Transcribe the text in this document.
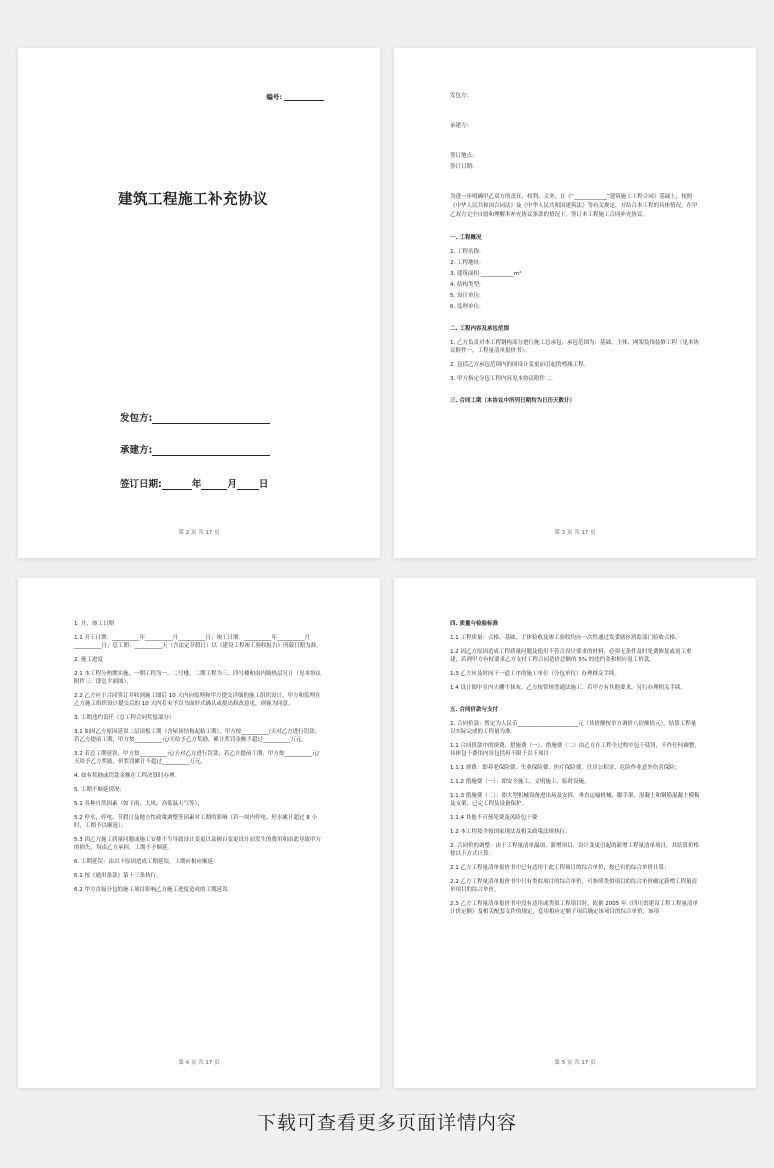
编号:
建筑工程施工补充协议
发包方:
承建方:
签订日期:	年	月 日
第 2 页 共 17 页

发包方:

承建方:

签订地点:

签订日期:

为进一步明确甲乙双方的责任、权利、义务，在《“____________”建筑施工工程合同》基础上，按照《中华人民共和国合同法》及《中华人民共和国建筑法》等有关规定，并结合本工程的具体情况，在甲乙双方完全自愿和理解本补充协议条款的情况下，签订本工程施工合同补充协议。

一. 工程概况

1. 工程名称:

2. 工程地址:

3. 建筑面积:____________m²

4. 结构类型:

5. 设计单位:

6. 监理单位:

二. 工程内容及承包范围

1. 乙方负责对本工程钢构部分进行施工总承包，承包范围为：基础、主体、网架装饰装修工程（见本协议附件一，工程量清单报价书）。

2. 包括乙方承包范围内的国设计变更而引起的增减工程。

3. 甲方指定分包工程内容见本协议附件二。

三. 合同工期（本协议中所列日期均为日历天数计）

第 3 页 共 17 页

1. 开、竣工日期

1.1 开工日期：__________年__________月__________日；竣工日期：__________年__________月__________日；总工期：__________天（含法定节假日）以《建设工程竣工验收报告》所载日期为准。

2. 施工进度

2.1 本工程分两期实施，一期工程为一、二号楼，二期工程为三、四号楼和南内隔热层另计（见本协议附件三：即总平面图）。

2.2 乙方应于合同签订并收到施工图后 10 天内向监理和甲方提交详细的施工组织设计，甲方和监理在乙方施工组织设计提交后的 10 天内若未予以书面形式确认或提出修改意见，则视为同意。

3. 工期违约责任（总工程合同奖惩部分）

3.1 如因乙方原因延误二层顶板工期（含屋顶结构起始工期），甲方按__________/天对乙方进行罚款；若乙方提前工期，甲方按__________元/天给予乙方奖励，累计奖罚金额不超过__________万元。

3.2 若总工期延误，甲方按__________元/天对乙方进行罚款；若乙方提前工期，甲方按__________元/天给予乙方奖励，但奖罚累计不超过__________万元。

4. 如有奖励或罚款金额在工程决算时办理。

5. 工期不顺延情况：

5.1 各种自然因素（如下雨、大风、高低温天气等）；

5.2 停水、停电、节假日及地方性政策调整等因素对工期的影响（若一周内停电、停水累计超过 8 小时，工期予以顺延）；

5.3 因乙方施工质量问题或施工安排不当导致设计变更以及擅自变更设计而发生的费用和由此导致甲方的损失，均由乙方承担，工期不予顺延。

6. 工期延误：由以下原因造成工期延误，工期应相应顺延：

6.1 按《通用条款》第十三条执行。

6.2 甲方直接分包的施工项目影响乙方施工进度造成的工期延误。

第 4 页 共 17 页

四. 质量与检验标准

1.1 工程质量：合格。基础、主体验收及竣工验收均应一次性通过发委辖区质监部门验收合格。

1.2 因乙方原因造成工程质量问题及使用不符合设计要求的材料，必须无条件及时免费修复或返工重建，若则甲方有权要求乙方支付工程合同造价总额的 5% 的违约金和相应返工价款。

1.3 乙方应及时向下一道工序的施工单位（分包单位）办理移交手续。

1.4 设计图中室内天棚不抹灰，乙方按常规普通法施工，若甲方有其他要求，另行办理相关手续。

五. 合同价款与支付

1. 合同价款：暂定为人民币______________________元（其价额按单方调价八倍额拾元），结算工程量以实际完成的工程量为准。

1.1 合同价款中的规费、措施费（一）、措施费（二）由乙方在工程全过程中包干使用，不作任何调整，具体包干费用内容包括但不限于以下项目：

1.1.1 规费：即养老保险费、失业保险费、医疗保险费、住房公积金、危险作业意外伤害保险；

1.1.2 措施费（一）：即安全施工、文明施工、临时设施。

1.1.3 措施费（二）：即大型机械设备进出场及安拆，垂直运输机械、脚手架，混凝土和钢筋混凝土模板及支架，已完工程及设备保护。

1.1.4 其他不可预见费及风险包干费

1.2 本工程按全按国家现法及相关政策法规执行。

2. 合同价的调整：由于工程量清单漏项、新增项目、设计变更引起的新增工程量清单项目，其结算价格按以下方式计算：

2.1 乙方工程量清单报价书中已有适用于此工程项目的综合单价，按已有的综合单价计算；

2.2 乙方工程量清单报价书中只有类似项目的综合单价，可参照类似项目的综合单价确定新增工程量清单项目的综合单价。

2.3 乙方工程量清单报价书中没有适用或类似工程项目时，依据 2005 年《四川省建设工程工程量清单计价定额》及相关配套文件的规定，套用相应定额子项后确定该项目的综合单价，该项

第 5 页 共 17 页
下载可查看更多页面详情内容
